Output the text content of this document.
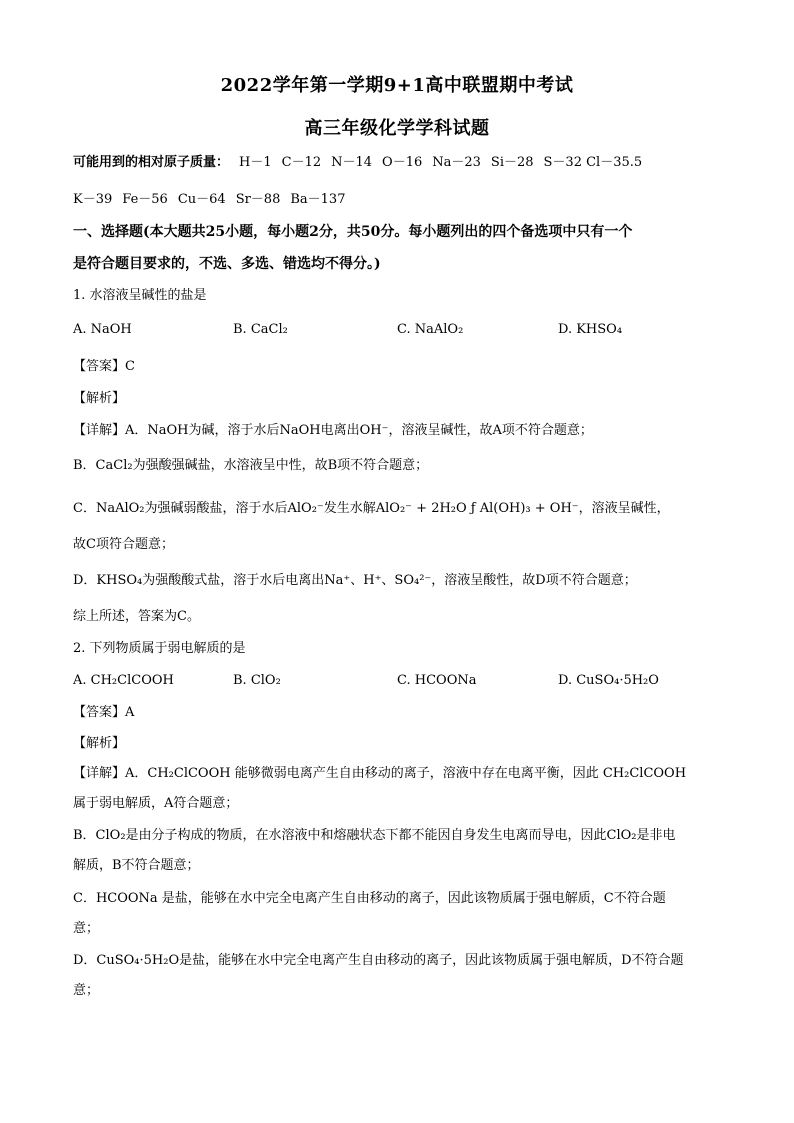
2022学年第一学期9+1高中联盟期中考试
高三年级化学学科试题
可能用到的相对原子质量： H－1 C－12 N－14 O－16 Na－23 Si－28 S－32 Cl－35.5
K－39 Fe－56 Cu－64 Sr－88 Ba－137
一、选择题(本大题共25小题，每小题2分，共50分。每小题列出的四个备选项中只有一个
是符合题目要求的，不选、多选、错选均不得分。)
1. 水溶液呈碱性的盐是
A. NaOH	B. CaCl₂	C. NaAlO₂	D. KHSO₄
【答案】C
【解析】
【详解】A．NaOH为碱，溶于水后NaOH电离出OH⁻，溶液呈碱性，故A项不符合题意；
B．CaCl₂为强酸强碱盐，水溶液呈中性，故B项不符合题意；
C．NaAlO₂为强碱弱酸盐，溶于水后AlO₂⁻发生水解AlO₂⁻ + 2H₂O ƒ Al(OH)₃ + OH⁻，溶液呈碱性，
故C项符合题意；
D．KHSO₄为强酸酸式盐，溶于水后电离出Na⁺、H⁺、SO₄²⁻，溶液呈酸性，故D项不符合题意；
综上所述，答案为C。
2. 下列物质属于弱电解质的是
A. CH₂ClCOOH	B. ClO₂	C. HCOONa	D. CuSO₄·5H₂O
【答案】A
【解析】
【详解】A．CH₂ClCOOH 能够微弱电离产生自由移动的离子，溶液中存在电离平衡，因此 CH₂ClCOOH
属于弱电解质，A符合题意；
B．ClO₂是由分子构成的物质，在水溶液中和熔融状态下都不能因自身发生电离而导电，因此ClO₂是非电
解质，B不符合题意；
C．HCOONa 是盐，能够在水中完全电离产生自由移动的离子，因此该物质属于强电解质，C不符合题
意；
D．CuSO₄·5H₂O是盐，能够在水中完全电离产生自由移动的离子，因此该物质属于强电解质，D不符合题
意；
